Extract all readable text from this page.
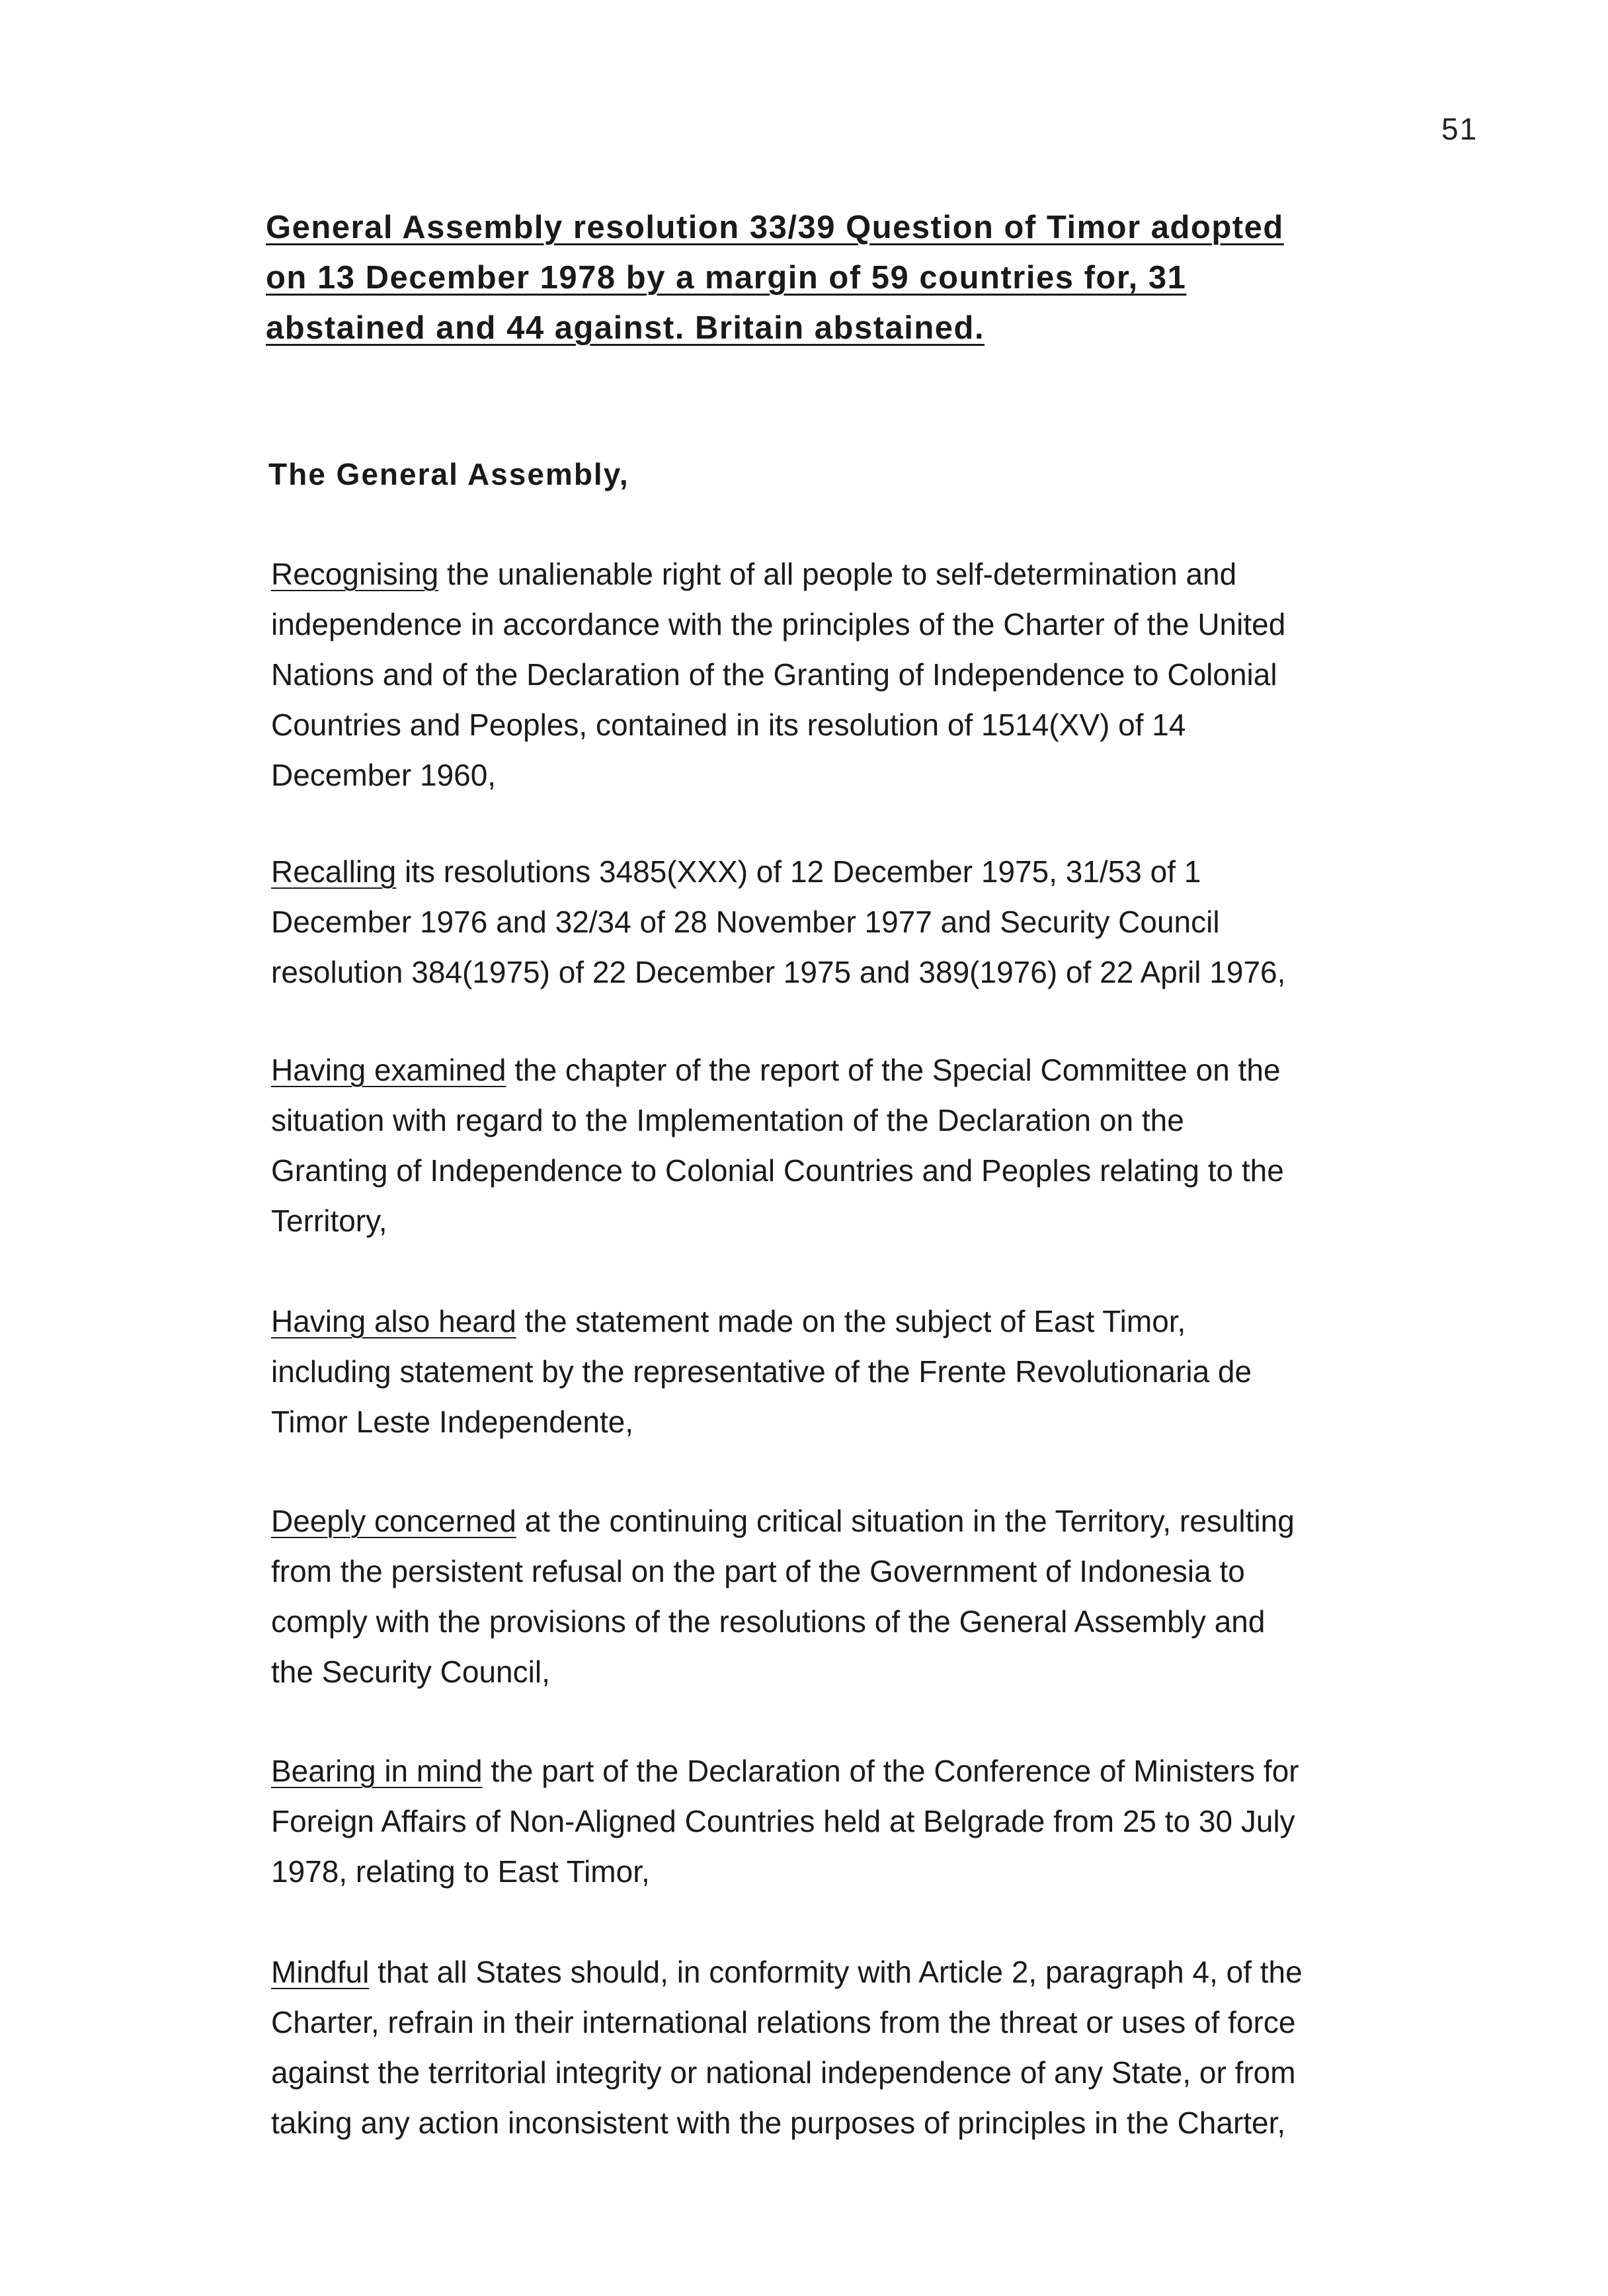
51
General Assembly resolution 33/39 Question of Timor adopted
on 13 December 1978 by a margin of 59 countries for, 31
abstained and 44 against. Britain abstained.
The General Assembly,
Recognising the unalienable right of all people to self-determination and
independence in accordance with the principles of the Charter of the United
Nations and of the Declaration of the Granting of Independence to Colonial
Countries and Peoples, contained in its resolution of 1514(XV) of 14
December 1960,
Recalling its resolutions 3485(XXX) of 12 December 1975, 31/53 of 1
December 1976 and 32/34 of 28 November 1977 and Security Council
resolution 384(1975) of 22 December 1975 and 389(1976) of 22 April 1976,
Having examined the chapter of the report of the Special Committee on the
situation with regard to the Implementation of the Declaration on the
Granting of Independence to Colonial Countries and Peoples relating to the
Territory,
Having also heard the statement made on the subject of East Timor,
including statement by the representative of the Frente Revolutionaria de
Timor Leste Independente,
Deeply concerned at the continuing critical situation in the Territory, resulting
from the persistent refusal on the part of the Government of Indonesia to
comply with the provisions of the resolutions of the General Assembly and
the Security Council,
Bearing in mind the part of the Declaration of the Conference of Ministers for
Foreign Affairs of Non-Aligned Countries held at Belgrade from 25 to 30 July
1978, relating to East Timor,
Mindful that all States should, in conformity with Article 2, paragraph 4, of the
Charter, refrain in their international relations from the threat or uses of force
against the territorial integrity or national independence of any State, or from
taking any action inconsistent with the purposes of principles in the Charter,
